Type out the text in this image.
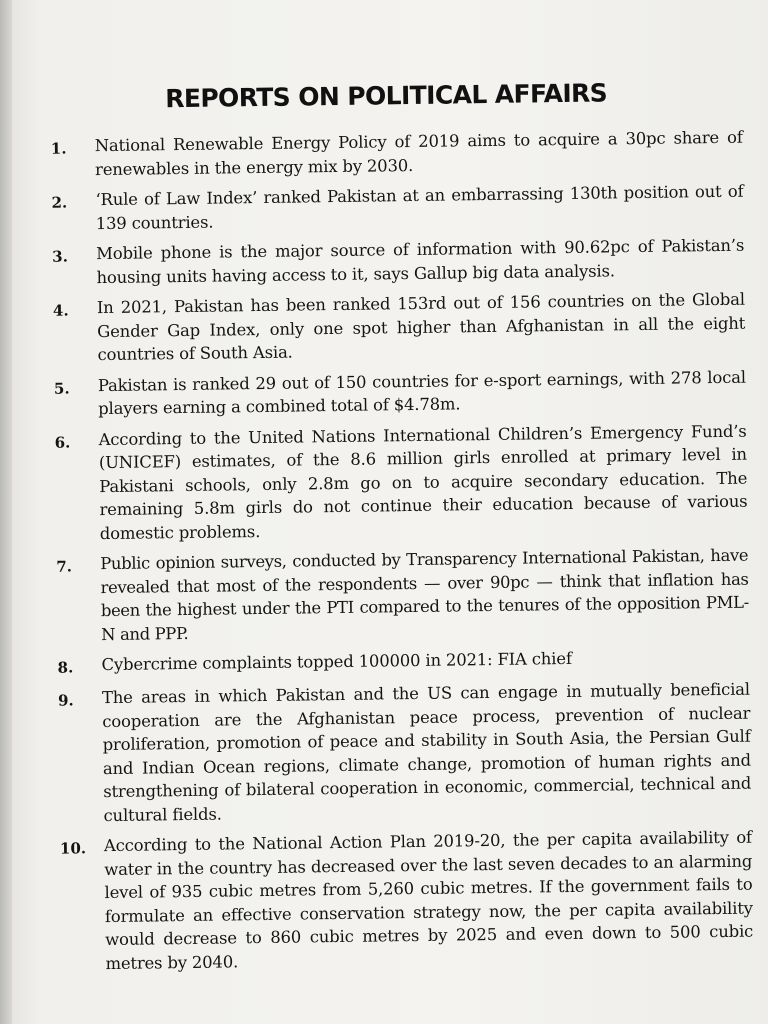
REPORTS ON POLITICAL AFFAIRS
1.	National Renewable Energy Policy of 2019 aims to acquire a 30pc share of renewables in the energy mix by 2030.
2.	‘Rule of Law Index’ ranked Pakistan at an embarrassing 130th position out of 139 countries.
3.	Mobile phone is the major source of information with 90.62pc of Pakistan’s housing units having access to it, says Gallup big data analysis.
4.	In 2021, Pakistan has been ranked 153rd out of 156 countries on the Global Gender Gap Index, only one spot higher than Afghanistan in all the eight countries of South Asia.
5.	Pakistan is ranked 29 out of 150 countries for e-sport earnings, with 278 local players earning a combined total of $4.78m.
6.	According to the United Nations International Children’s Emergency Fund’s (UNICEF) estimates, of the 8.6 million girls enrolled at primary level in Pakistani schools, only 2.8m go on to acquire secondary education. The remaining 5.8m girls do not continue their education because of various domestic problems.
7.	Public opinion surveys, conducted by Transparency International Pakistan, have revealed that most of the respondents — over 90pc — think that inflation has been the highest under the PTI compared to the tenures of the opposition PML-N and PPP.
8.	Cybercrime complaints topped 100000 in 2021: FIA chief
9.	The areas in which Pakistan and the US can engage in mutually beneficial cooperation are the Afghanistan peace process, prevention of nuclear proliferation, promotion of peace and stability in South Asia, the Persian Gulf and Indian Ocean regions, climate change, promotion of human rights and strengthening of bilateral cooperation in economic, commercial, technical and cultural fields.
10.	According to the National Action Plan 2019-20, the per capita availability of water in the country has decreased over the last seven decades to an alarming level of 935 cubic metres from 5,260 cubic metres. If the government fails to formulate an effective conservation strategy now, the per capita availability would decrease to 860 cubic metres by 2025 and even down to 500 cubic metres by 2040.
